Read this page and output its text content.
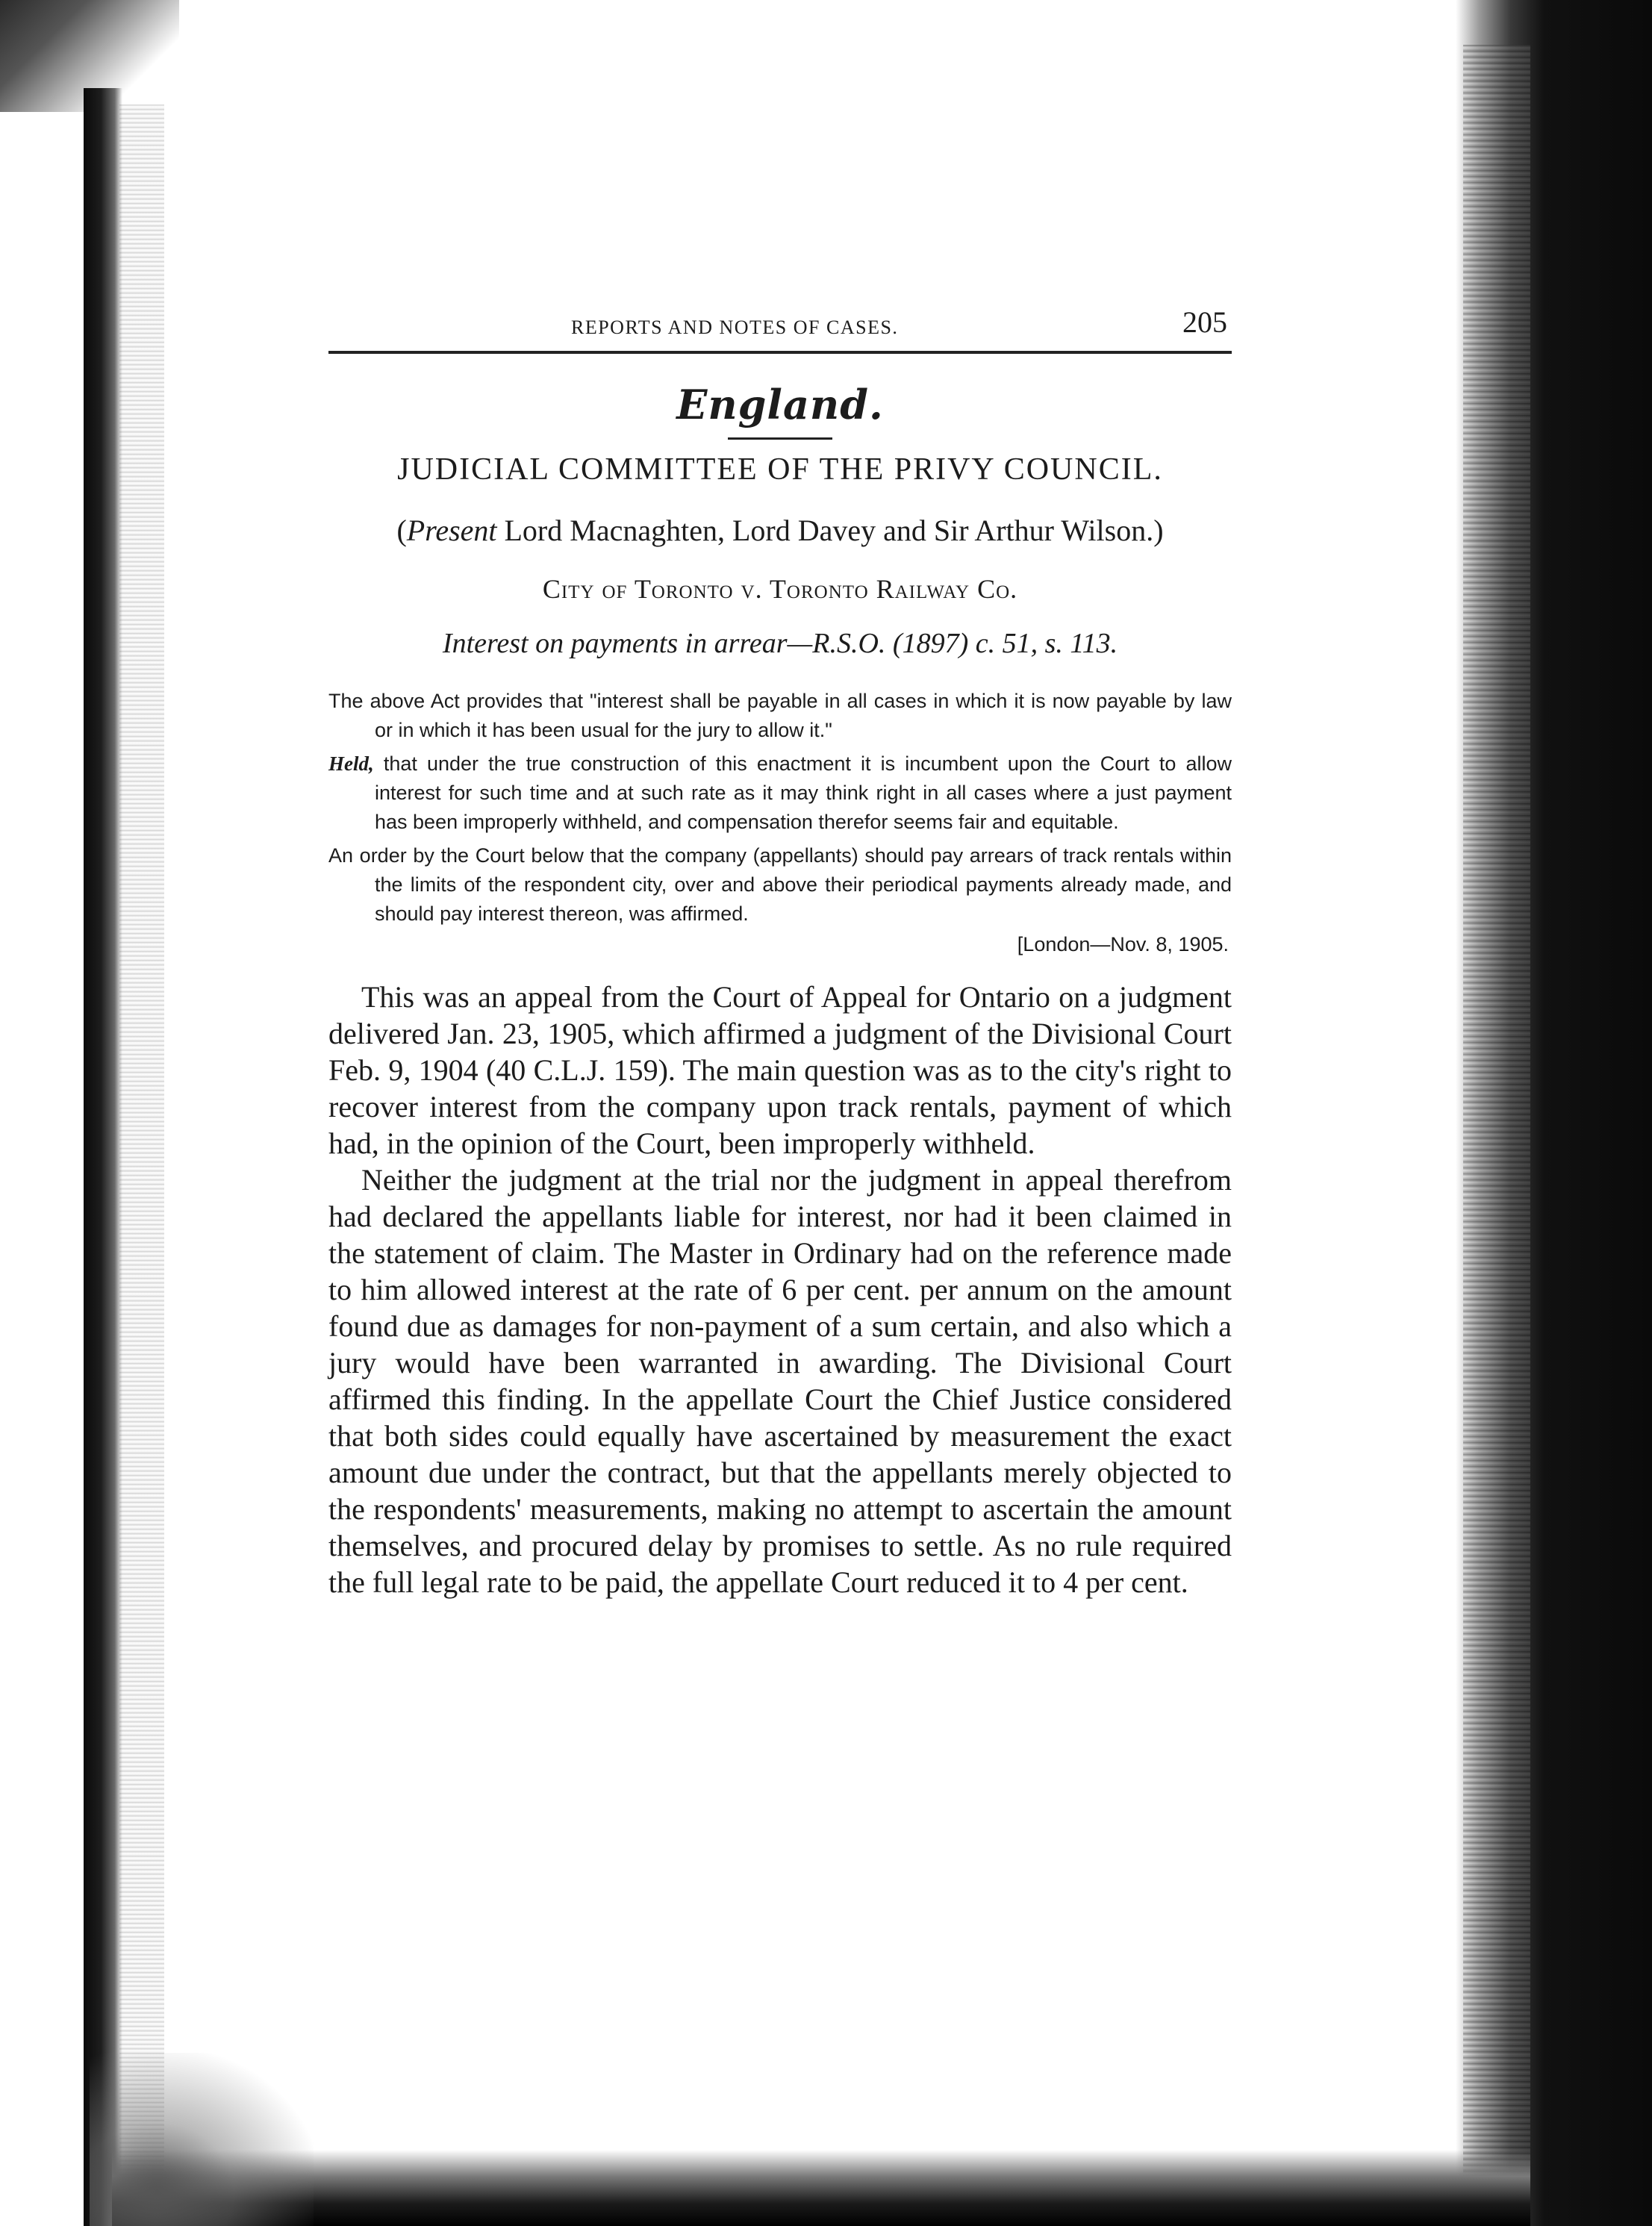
REPORTS AND NOTES OF CASES.	205
England.
JUDICIAL COMMITTEE OF THE PRIVY COUNCIL.
(Present Lord Macnaghten, Lord Davey and Sir Arthur Wilson.)
City of Toronto v. Toronto Railway Co.
Interest on payments in arrear—R.S.O. (1897) c. 51, s. 113.

The above Act provides that "interest shall be payable in all cases in which it is now payable by law or in which it has been usual for the jury to allow it."

Held, that under the true construction of this enactment it is incumbent upon the Court to allow interest for such time and at such rate as it may think right in all cases where a just payment has been improperly withheld, and compensation therefor seems fair and equitable.

An order by the Court below that the company (appellants) should pay arrears of track rentals within the limits of the respondent city, over and above their periodical payments already made, and should pay interest thereon, was affirmed.

[London—Nov. 8, 1905.

This was an appeal from the Court of Appeal for Ontario on a judgment delivered Jan. 23, 1905, which affirmed a judgment of the Divisional Court Feb. 9, 1904 (40 C.L.J. 159). The main question was as to the city's right to recover interest from the company upon track rentals, payment of which had, in the opinion of the Court, been improperly withheld.

Neither the judgment at the trial nor the judgment in appeal therefrom had declared the appellants liable for interest, nor had it been claimed in the statement of claim. The Master in Ordinary had on the reference made to him allowed interest at the rate of 6 per cent. per annum on the amount found due as damages for non-payment of a sum certain, and also which a jury would have been warranted in awarding. The Divisional Court affirmed this finding. In the appellate Court the Chief Justice considered that both sides could equally have ascertained by measurement the exact amount due under the contract, but that the appellants merely objected to the respondents' measurements, making no attempt to ascertain the amount themselves, and procured delay by promises to settle. As no rule required the full legal rate to be paid, the appellate Court reduced it to 4 per cent.
